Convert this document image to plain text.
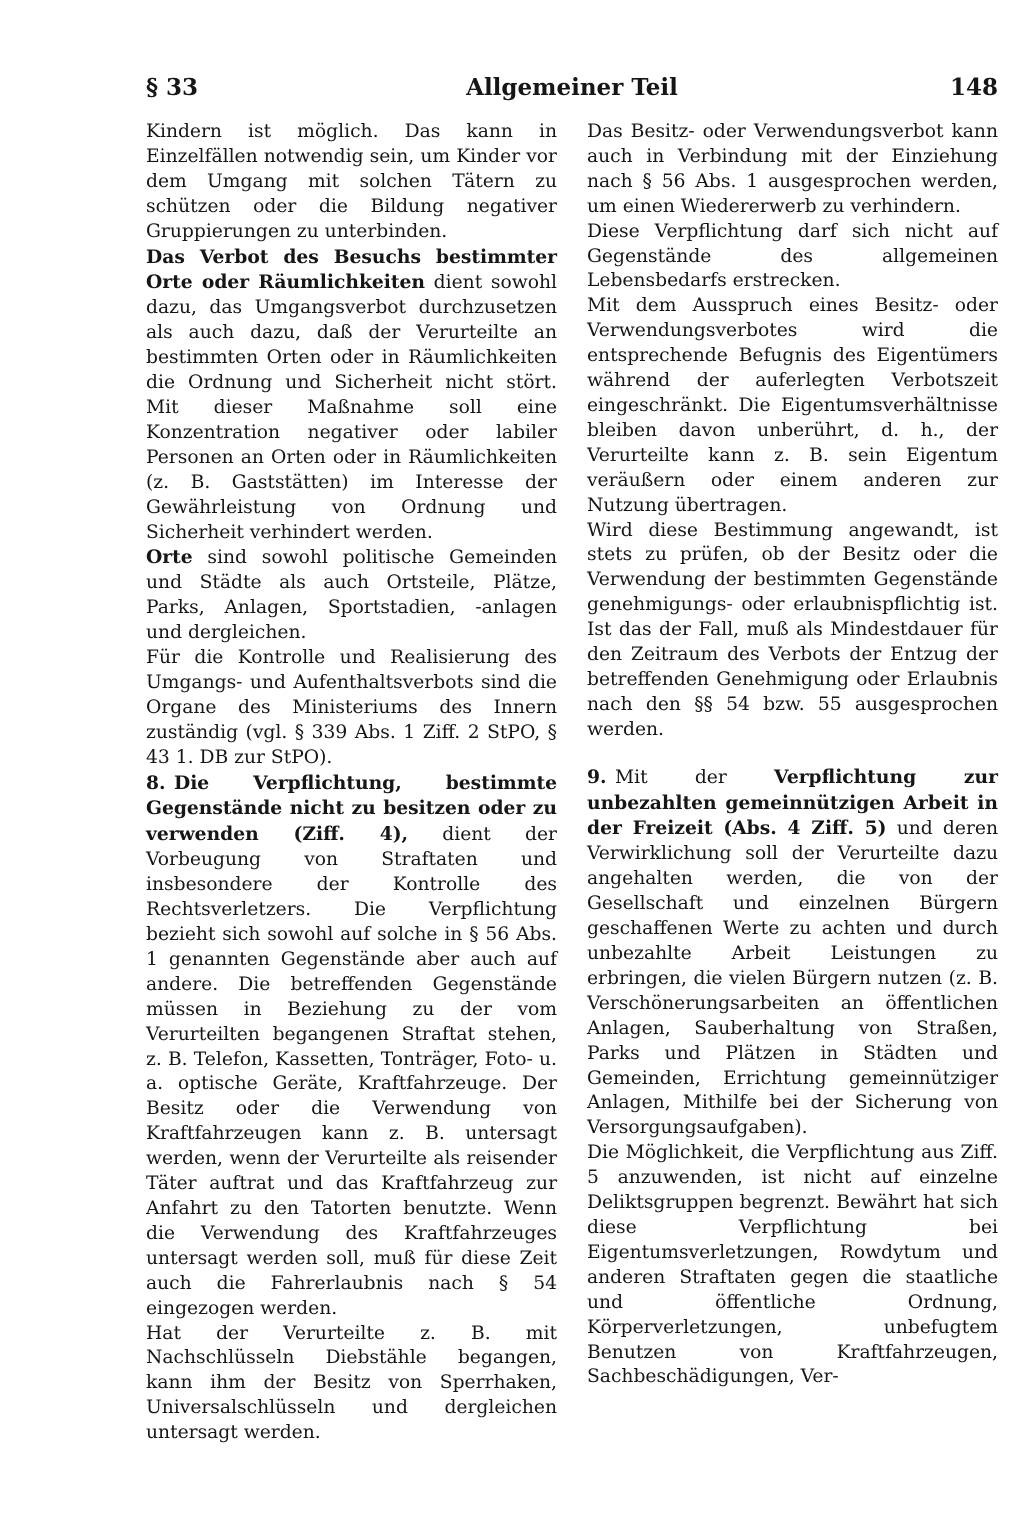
§ 33	Allgemeiner Teil	148

Kindern ist möglich. Das kann in Einzelfällen notwendig sein, um Kinder vor dem Umgang mit solchen Tätern zu schützen oder die Bildung negativer Gruppierungen zu unterbinden.

Das Verbot des Besuchs bestimmter Orte oder Räumlichkeiten dient sowohl dazu, das Umgangsverbot durchzusetzen als auch dazu, daß der Verurteilte an bestimmten Orten oder in Räumlichkeiten die Ordnung und Sicherheit nicht stört. Mit dieser Maßnahme soll eine Konzentration negativer oder labiler Personen an Orten oder in Räumlichkeiten (z. B. Gaststätten) im Interesse der Gewährleistung von Ordnung und Sicherheit verhindert werden.

Orte sind sowohl politische Gemeinden und Städte als auch Ortsteile, Plätze, Parks, Anlagen, Sportstadien, -anlagen und dergleichen.

Für die Kontrolle und Realisierung des Umgangs- und Aufenthaltsverbots sind die Organe des Ministeriums des Innern zuständig (vgl. § 339 Abs. 1 Ziff. 2 StPO, § 43 1. DB zur StPO).

8. Die Verpflichtung, bestimmte Gegenstände nicht zu besitzen oder zu verwenden (Ziff. 4), dient der Vorbeugung von Straftaten und insbesondere der Kontrolle des Rechtsverletzers. Die Verpflichtung bezieht sich sowohl auf solche in § 56 Abs. 1 genannten Gegenstände aber auch auf andere. Die betreffenden Gegenstände müssen in Beziehung zu der vom Verurteilten begangenen Straftat stehen, z. B. Telefon, Kassetten, Tonträger, Foto- u. a. optische Geräte, Kraftfahrzeuge. Der Besitz oder die Verwendung von Kraftfahrzeugen kann z. B. untersagt werden, wenn der Verurteilte als reisender Täter auftrat und das Kraftfahrzeug zur Anfahrt zu den Tatorten benutzte. Wenn die Verwendung des Kraftfahrzeuges untersagt werden soll, muß für diese Zeit auch die Fahrerlaubnis nach § 54 eingezogen werden.

Hat der Verurteilte z. B. mit Nachschlüsseln Diebstähle begangen, kann ihm der Besitz von Sperrhaken, Universalschlüsseln und dergleichen untersagt werden.

Das Besitz- oder Verwendungsverbot kann auch in Verbindung mit der Einziehung nach § 56 Abs. 1 ausgesprochen werden, um einen Wiedererwerb zu verhindern.

Diese Verpflichtung darf sich nicht auf Gegenstände des allgemeinen Lebensbedarfs erstrecken.

Mit dem Ausspruch eines Besitz- oder Verwendungsverbotes wird die entsprechende Befugnis des Eigentümers während der auferlegten Verbotszeit eingeschränkt. Die Eigentumsverhältnisse bleiben davon unberührt, d. h., der Verurteilte kann z. B. sein Eigentum veräußern oder einem anderen zur Nutzung übertragen.

Wird diese Bestimmung angewandt, ist stets zu prüfen, ob der Besitz oder die Verwendung der bestimmten Gegenstände genehmigungs- oder erlaubnispflichtig ist. Ist das der Fall, muß als Mindestdauer für den Zeitraum des Verbots der Entzug der betreffenden Genehmigung oder Erlaubnis nach den §§ 54 bzw. 55 ausgesprochen werden.

9. Mit der Verpflichtung zur unbezahlten gemeinnützigen Arbeit in der Freizeit (Abs. 4 Ziff. 5) und deren Verwirklichung soll der Verurteilte dazu angehalten werden, die von der Gesellschaft und einzelnen Bürgern geschaffenen Werte zu achten und durch unbezahlte Arbeit Leistungen zu erbringen, die vielen Bürgern nutzen (z. B. Verschönerungsarbeiten an öffentlichen Anlagen, Sauberhaltung von Straßen, Parks und Plätzen in Städten und Gemeinden, Errichtung gemeinnütziger Anlagen, Mithilfe bei der Sicherung von Versorgungsaufgaben).

Die Möglichkeit, die Verpflichtung aus Ziff. 5 anzuwenden, ist nicht auf einzelne Deliktsgruppen begrenzt. Bewährt hat sich diese Verpflichtung bei Eigentumsverletzungen, Rowdytum und anderen Straftaten gegen die staatliche und öffentliche Ordnung, Körperverletzungen, unbefugtem Benutzen von Kraftfahrzeugen, Sachbeschädigungen, Ver-
